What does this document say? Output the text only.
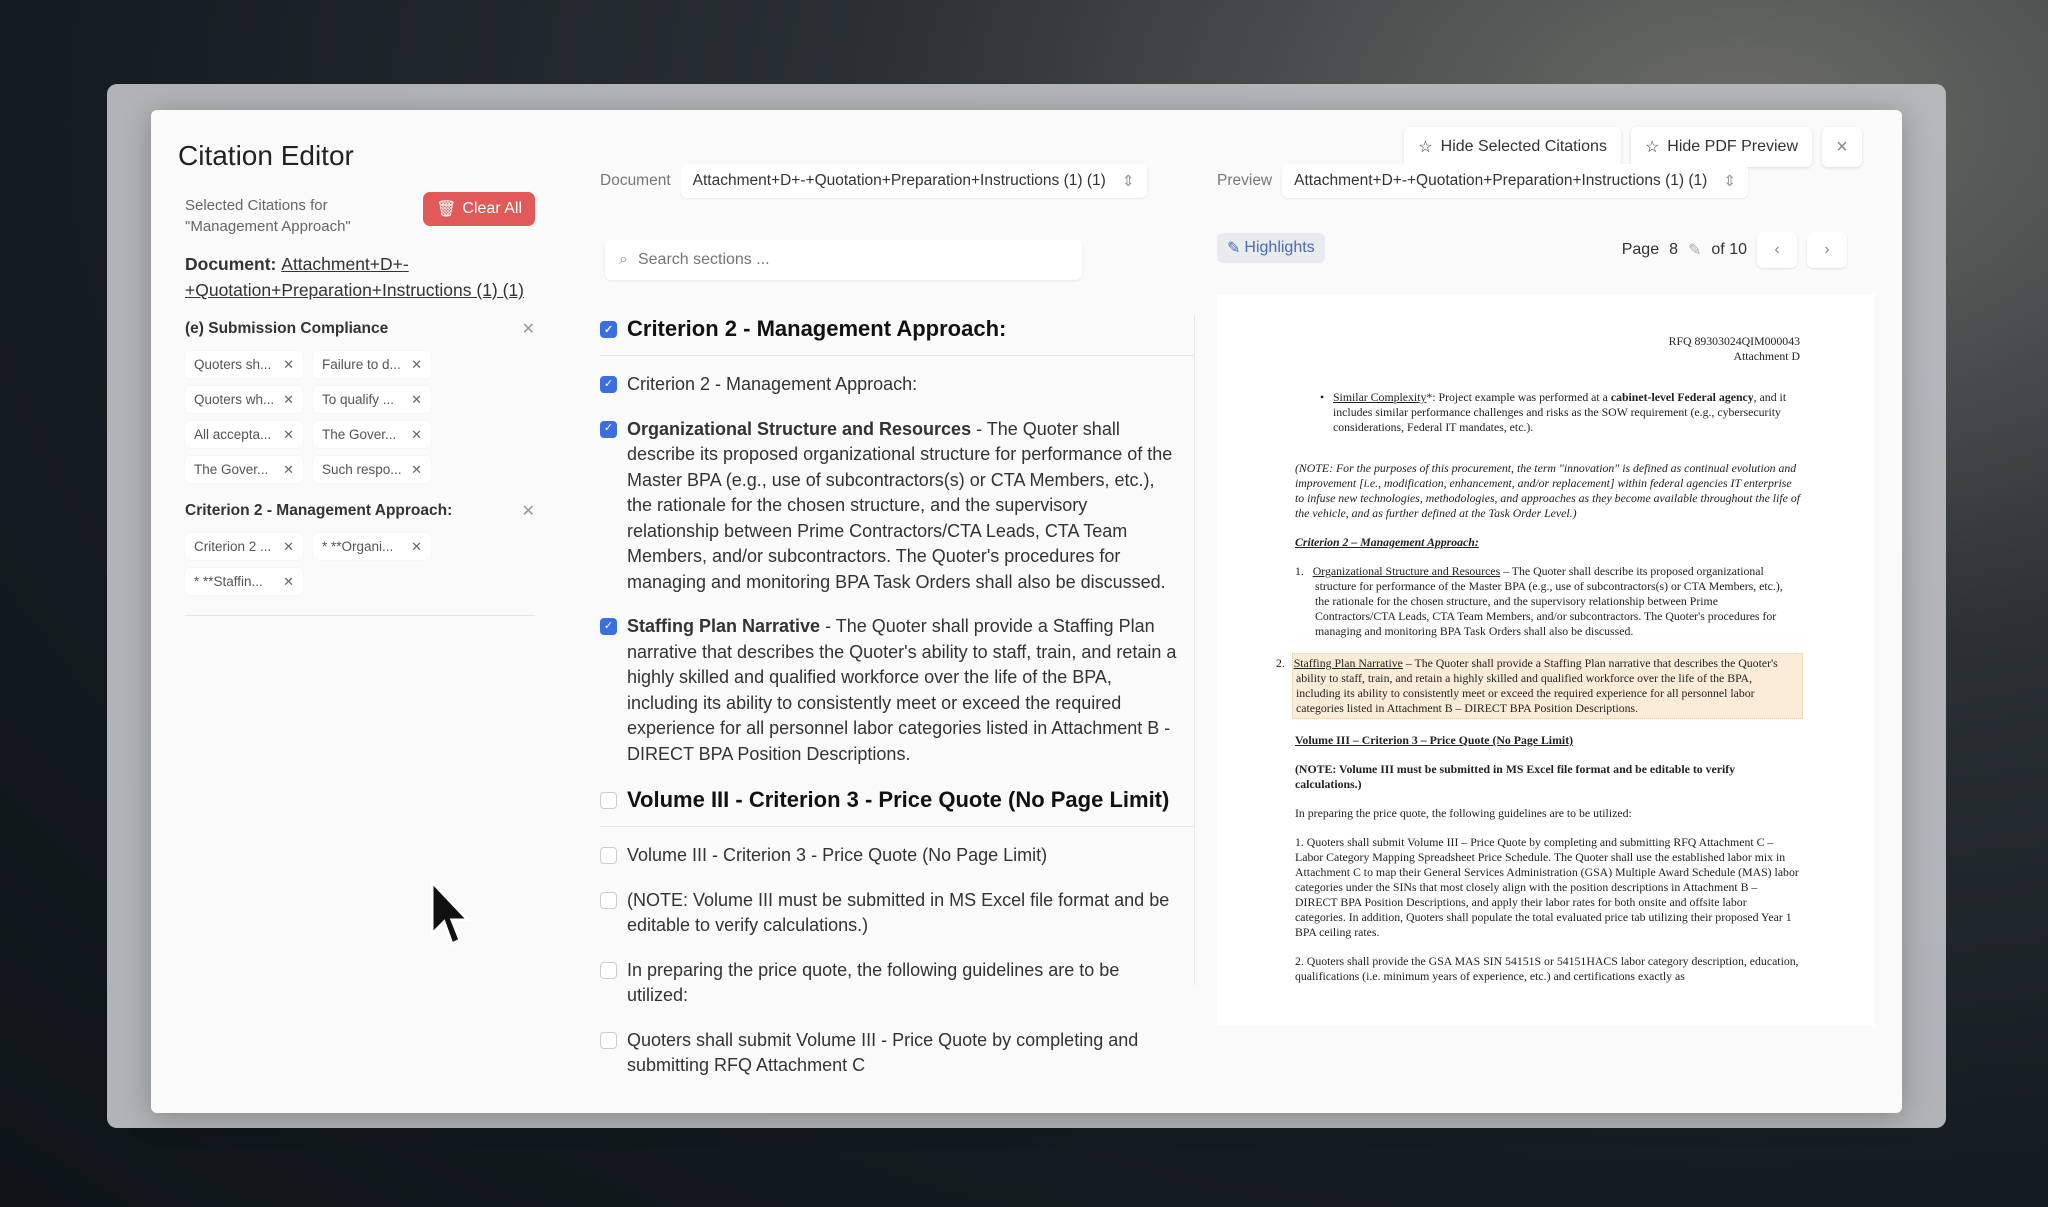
Citation Editor	☆ Hide Selected Citations ☆ Hide PDF Preview ×
Selected Citations for "Management Approach"
🗑 Clear All
Document: Attachment+D+-+Quotation+Preparation+Instructions (1) (1)
(e) Submission Compliance	✕
Quoters sh... ✕ Failure to d... ✕
Quoters wh... ✕ To qualify ... ✕
All accepta... ✕ The Gover... ✕
The Gover... ✕ Such respo... ✕
Criterion 2 - Management Approach:	✕
Criterion 2 ... ✕ * **Organi... ✕
* **Staffin... ✕
Document Attachment+D+-+Quotation+Preparation+Instructions (1) (1) ⇕
⌕
Search sections ...
✓ Criterion 2 - Management Approach:
✓ Criterion 2 - Management Approach:
✓ Organizational Structure and Resources - The Quoter shall describe its proposed organizational structure for performance of the Master BPA (e.g., use of subcontractors(s) or CTA Members, etc.), the rationale for the chosen structure, and the supervisory relationship between Prime Contractors/CTA Leads, CTA Team Members, and/or subcontractors. The Quoter's procedures for managing and monitoring BPA Task Orders shall also be discussed.
✓ Staffing Plan Narrative - The Quoter shall provide a Staffing Plan narrative that describes the Quoter's ability to staff, train, and retain a highly skilled and qualified workforce over the life of the BPA, including its ability to consistently meet or exceed the required experience for all personnel labor categories listed in Attachment B - DIRECT BPA Position Descriptions.
Volume III - Criterion 3 - Price Quote (No Page Limit)
Volume III - Criterion 3 - Price Quote (No Page Limit)
(NOTE: Volume III must be submitted in MS Excel file format and be editable to verify calculations.)
In preparing the price quote, the following guidelines are to be utilized:
Quoters shall submit Volume III - Price Quote by completing and submitting RFQ Attachment C
Preview Attachment+D+-+Quotation+Preparation+Instructions (1) (1) ⇕
✎ Highlights	Page 8 ✎ of 10 ‹	›

RFQ 89303024QIM000043
Attachment D

• Similar Complexity*: Project example was performed at a cabinet-level Federal agency, and it includes similar performance challenges and risks as the SOW requirement (e.g., cybersecurity considerations, Federal IT mandates, etc.).

(NOTE: For the purposes of this procurement, the term "innovation" is defined as continual evolution and improvement [i.e., modification, enhancement, and/or replacement] within federal agencies IT enterprise to infuse new technologies, methodologies, and approaches as they become available throughout the life of the vehicle, and as further defined at the Task Order Level.)

Criterion 2 – Management Approach:

1.   Organizational Structure and Resources – The Quoter shall describe its proposed organizational structure for performance of the Master BPA (e.g., use of subcontractors(s) or CTA Members, etc.), the rationale for the chosen structure, and the supervisory relationship between Prime Contractors/CTA Leads, CTA Team Members, and/or subcontractors. The Quoter's procedures for managing and monitoring BPA Task Orders shall also be discussed.

2.   Staffing Plan Narrative – The Quoter shall provide a Staffing Plan narrative that describes the Quoter's ability to staff, train, and retain a highly skilled and qualified workforce over the life of the BPA, including its ability to consistently meet or exceed the required experience for all personnel labor categories listed in Attachment B – DIRECT BPA Position Descriptions.

Volume III – Criterion 3 – Price Quote (No Page Limit)

(NOTE: Volume III must be submitted in MS Excel file format and be editable to verify calculations.)

In preparing the price quote, the following guidelines are to be utilized:

1. Quoters shall submit Volume III – Price Quote by completing and submitting RFQ Attachment C – Labor Category Mapping Spreadsheet Price Schedule. The Quoter shall use the established labor mix in Attachment C to map their General Services Administration (GSA) Multiple Award Schedule (MAS) labor categories under the SINs that most closely align with the position descriptions in Attachment B – DIRECT BPA Position Descriptions, and apply their labor rates for both onsite and offsite labor categories. In addition, Quoters shall populate the total evaluated price tab utilizing their proposed Year 1 BPA ceiling rates.

2. Quoters shall provide the GSA MAS SIN 54151S or 54151HACS labor category description, education, qualifications (i.e. minimum years of experience, etc.) and certifications exactly as
